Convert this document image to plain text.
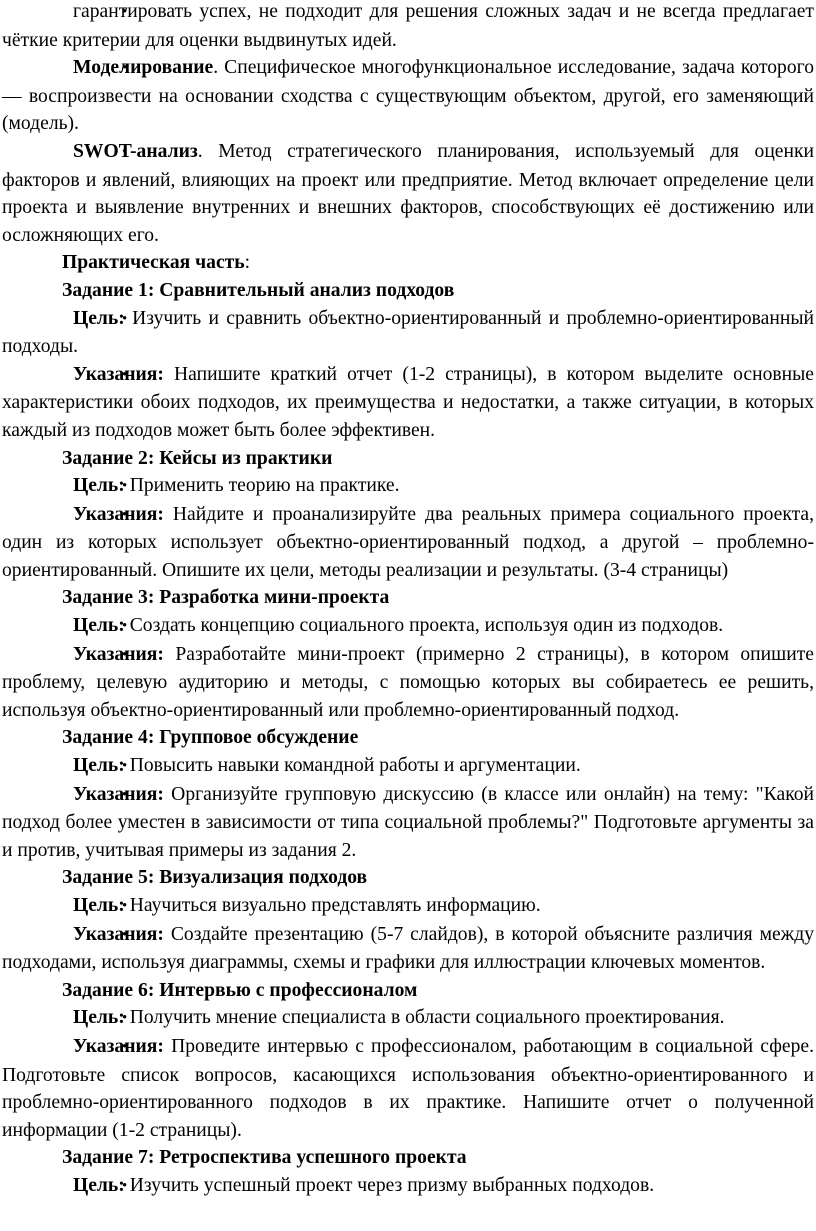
• гарантировать успех, не подходит для решения сложных задач и не всегда предлагает чёткие критерии для оценки выдвинутых идей.

• Моделирование. Специфическое многофункциональное исследование, задача которого — воспроизвести на основании сходства с существующим объектом, другой, его заменяющий (модель).

• SWOT-анализ. Метод стратегического планирования, используемый для оценки факторов и явлений, влияющих на проект или предприятие. Метод включает определение цели проекта и выявление внутренних и внешних факторов, способствующих её достижению или осложняющих его.

Практическая часть:

Задание 1: Сравнительный анализ подходов

• Цель: Изучить и сравнить объектно-ориентированный и проблемно-ориентированный подходы.

• Указания: Напишите краткий отчет (1-2 страницы), в котором выделите основные характеристики обоих подходов, их преимущества и недостатки, а также ситуации, в которых каждый из подходов может быть более эффективен.

Задание 2: Кейсы из практики

• Цель: Применить теорию на практике.

• Указания: Найдите и проанализируйте два реальных примера социального проекта, один из которых использует объектно-ориентированный подход, а другой – проблемно-ориентированный. Опишите их цели, методы реализации и результаты. (3-4 страницы)

Задание 3: Разработка мини-проекта

• Цель: Создать концепцию социального проекта, используя один из подходов.

• Указания: Разработайте мини-проект (примерно 2 страницы), в котором опишите проблему, целевую аудиторию и методы, с помощью которых вы собираетесь ее решить, используя объектно-ориентированный или проблемно-ориентированный подход.

Задание 4: Групповое обсуждение

• Цель: Повысить навыки командной работы и аргументации.

• Указания: Организуйте групповую дискуссию (в классе или онлайн) на тему: "Какой подход более уместен в зависимости от типа социальной проблемы?" Подготовьте аргументы за и против, учитывая примеры из задания 2.

Задание 5: Визуализация подходов

• Цель: Научиться визуально представлять информацию.

• Указания: Создайте презентацию (5-7 слайдов), в которой объясните различия между подходами, используя диаграммы, схемы и графики для иллюстрации ключевых моментов.

Задание 6: Интервью с профессионалом

• Цель: Получить мнение специалиста в области социального проектирования.

• Указания: Проведите интервью с профессионалом, работающим в социальной сфере. Подготовьте список вопросов, касающихся использования объектно-ориентированного и проблемно-ориентированного подходов в их практике. Напишите отчет о полученной информации (1-2 страницы).

Задание 7: Ретроспектива успешного проекта

• Цель: Изучить успешный проект через призму выбранных подходов.
